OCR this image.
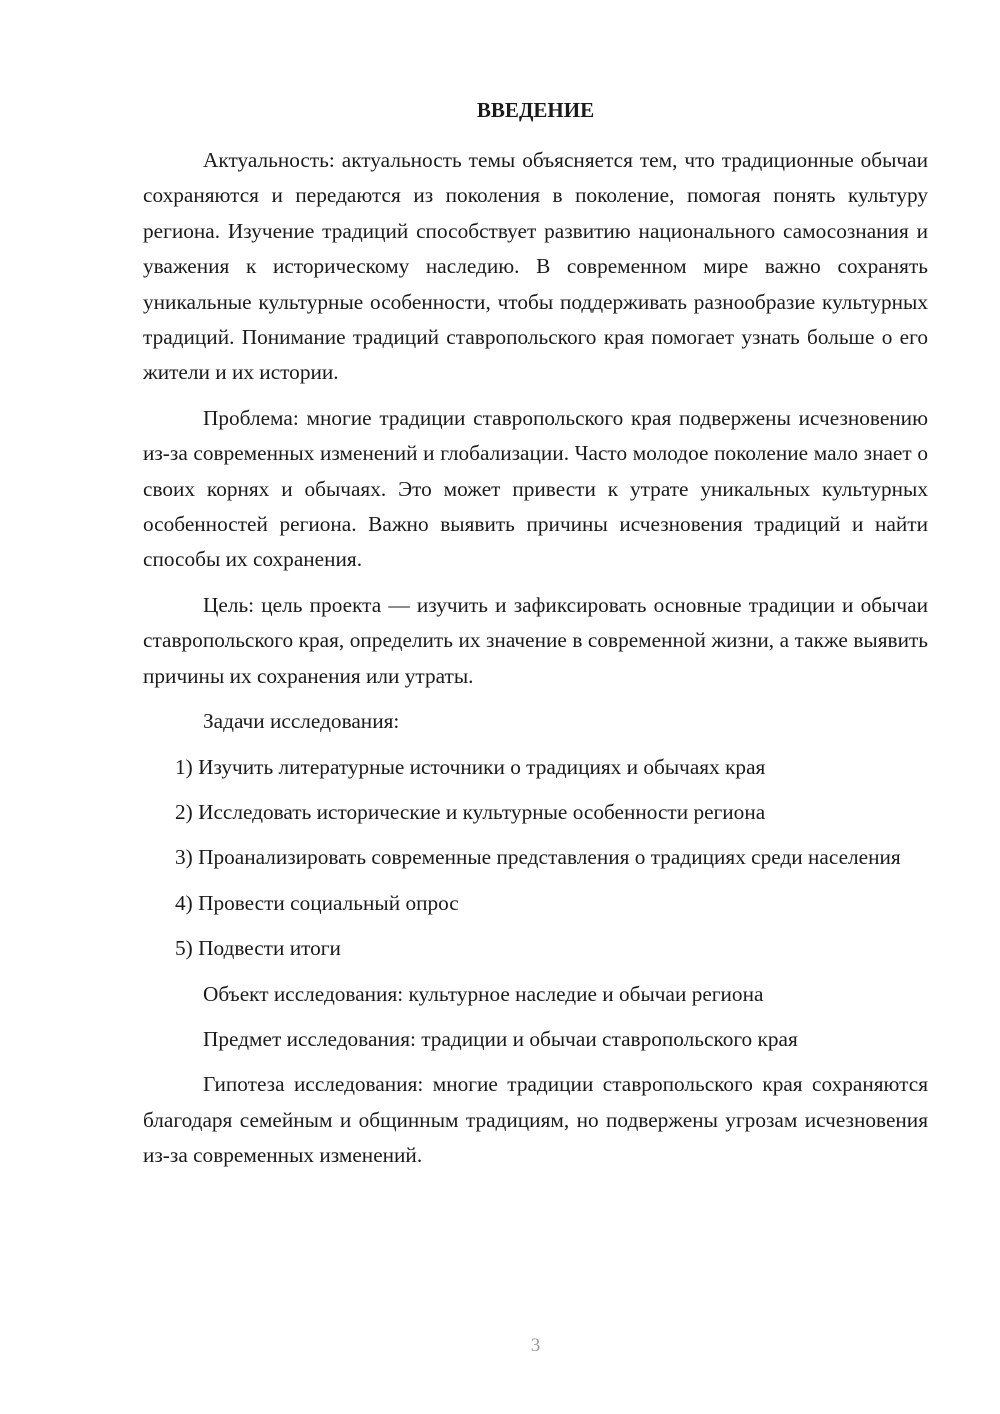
ВВЕДЕНИЕ

Актуальность: актуальность темы объясняется тем, что традиционные обычаи сохраняются и передаются из поколения в поколение, помогая понять культуру региона. Изучение традиций способствует развитию национального самосознания и уважения к историческому наследию. В современном мире важно сохранять уникальные культурные особенности, чтобы поддерживать разнообразие культурных традиций. Понимание традиций ставропольского края помогает узнать больше о его жители и их истории.

Проблема: многие традиции ставропольского края подвержены исчезновению из-за современных изменений и глобализации. Часто молодое поколение мало знает о своих корнях и обычаях. Это может привести к утрате уникальных культурных особенностей региона. Важно выявить причины исчезновения традиций и найти способы их сохранения.

Цель: цель проекта — изучить и зафиксировать основные традиции и обычаи ставропольского края, определить их значение в современной жизни, а также выявить причины их сохранения или утраты.

Задачи исследования:

1) Изучить литературные источники о традициях и обычаях края

2) Исследовать исторические и культурные особенности региона

3) Проанализировать современные представления о традициях среди населения

4) Провести социальный опрос

5) Подвести итоги

Объект исследования: культурное наследие и обычаи региона

Предмет исследования: традиции и обычаи ставропольского края

Гипотеза исследования: многие традиции ставропольского края сохраняются благодаря семейным и общинным традициям, но подвержены угрозам исчезновения из-за современных изменений.

3
